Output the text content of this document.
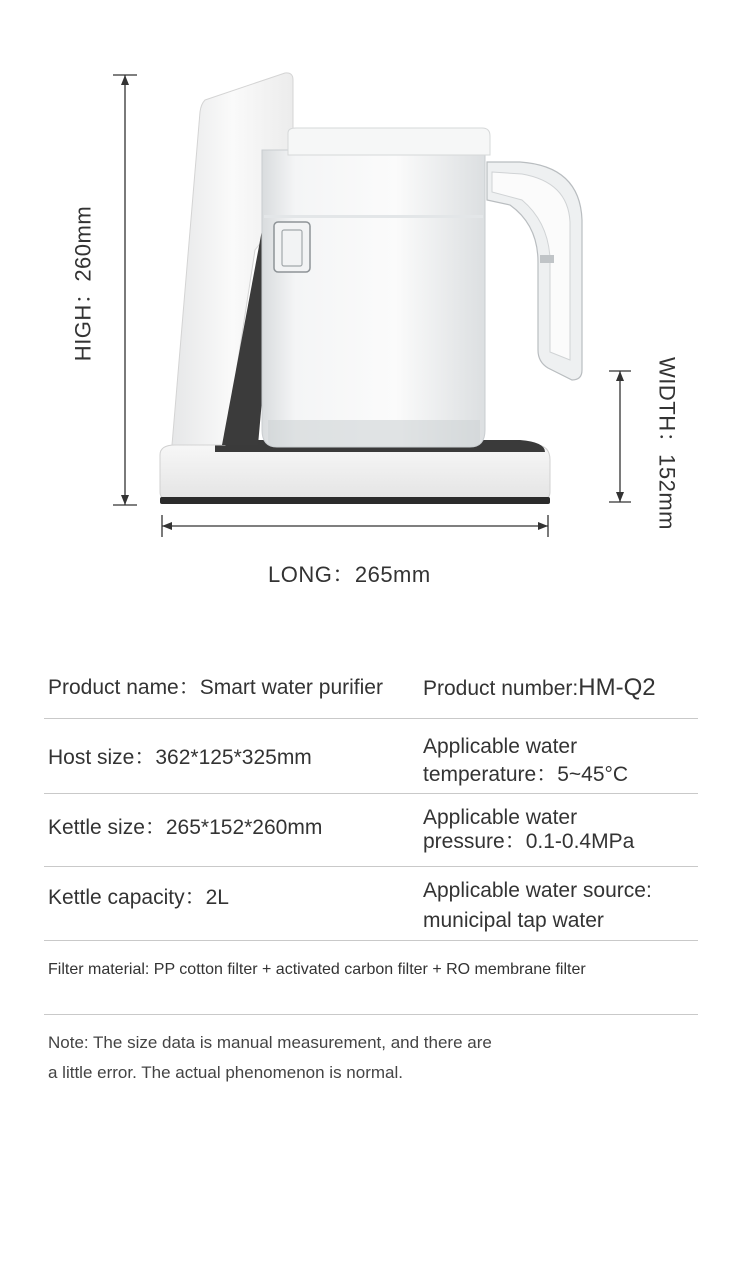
HIGH：260mm
WIDTH：152mm
LONG：265mm
Product name：Smart water purifier Product number:HM-Q2
Host size：362*125*325mm	Applicable water
temperature：5~45°C
Kettle size：265*152*260mm	Applicable water
pressure：0.1-0.4MPa
Kettle capacity：2L	Applicable water source:
municipal tap water
Filter material: PP cotton filter + activated carbon filter + RO membrane filter
Note: The size data is manual measurement, and there are
a little error. The actual phenomenon is normal.
